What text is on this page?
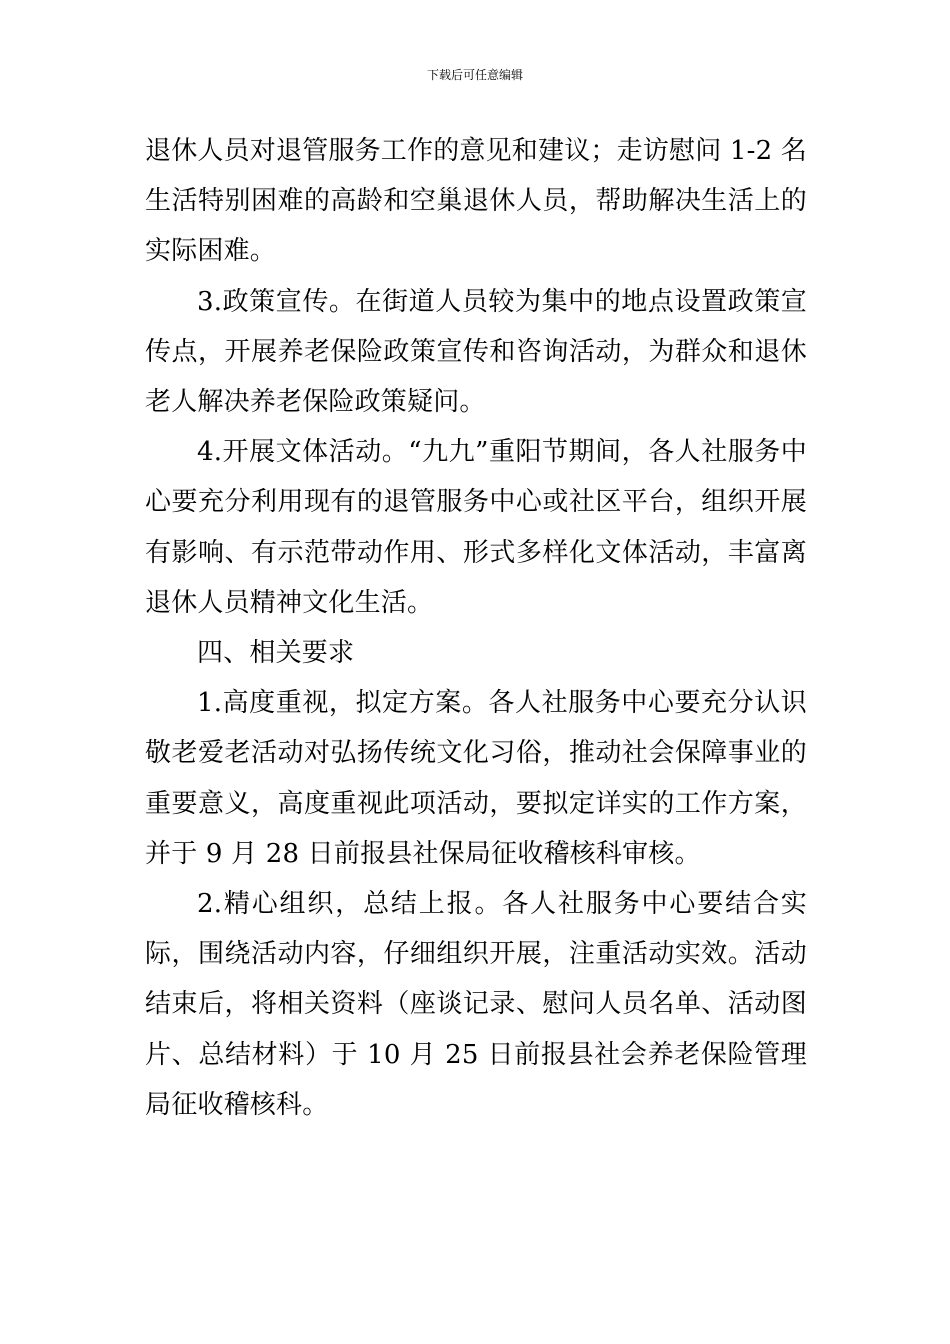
下载后可任意编辑

退休人员对退管服务工作的意见和建议；走访慰问 1-2 名生活特别困难的高龄和空巢退休人员，帮助解决生活上的实际困难。

3.政策宣传。在街道人员较为集中的地点设置政策宣传点，开展养老保险政策宣传和咨询活动，为群众和退休老人解决养老保险政策疑问。

4.开展文体活动。“九九”重阳节期间，各人社服务中心要充分利用现有的退管服务中心或社区平台，组织开展有影响、有示范带动作用、形式多样化文体活动，丰富离退休人员精神文化生活。

四、相关要求

1.高度重视，拟定方案。各人社服务中心要充分认识敬老爱老活动对弘扬传统文化习俗，推动社会保障事业的重要意义，高度重视此项活动，要拟定详实的工作方案，并于 9 月 28 日前报县社保局征收稽核科审核。

2.精心组织，总结上报。各人社服务中心要结合实际，围绕活动内容，仔细组织开展，注重活动实效。活动结束后，将相关资料（座谈记录、慰问人员名单、活动图片、总结材料）于 10 月 25 日前报县社会养老保险管理局征收稽核科。
